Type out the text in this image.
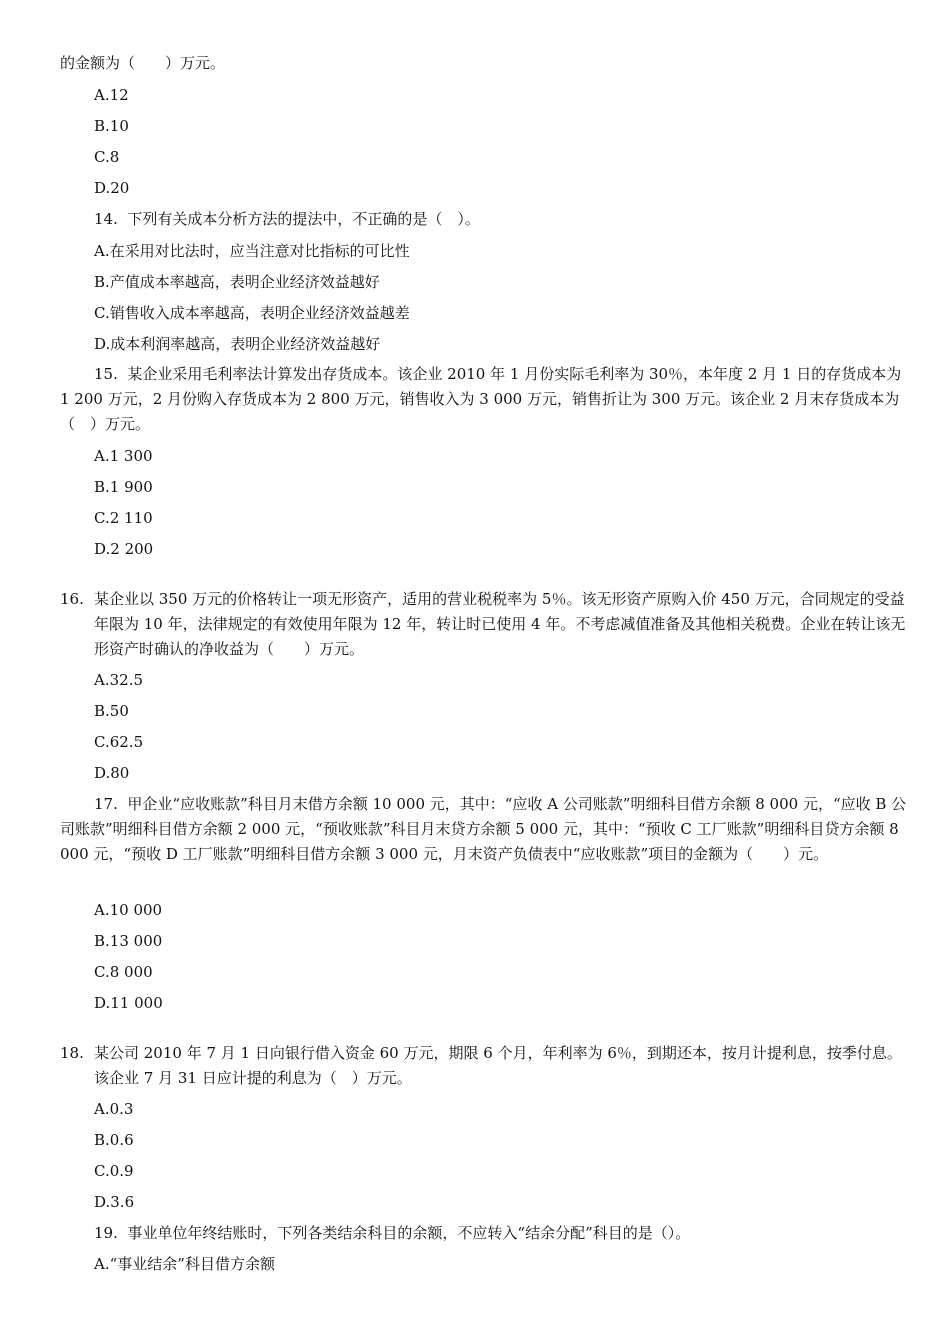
的金额为（　　）万元。
A.12
B.10
C.8
D.20
14. 下列有关成本分析方法的提法中，不正确的是（　）。
A.在采用对比法时，应当注意对比指标的可比性
B.产值成本率越高，表明企业经济效益越好
C.销售收入成本率越高，表明企业经济效益越差
D.成本利润率越高，表明企业经济效益越好
15. 某企业采用毛利率法计算发出存货成本。该企业 2010 年 1 月份实际毛利率为 30％，本年度 2 月 1 日的存货成本为 1 200 万元，2 月份购入存货成本为 2 800 万元，销售收入为 3 000 万元，销售折让为 300 万元。该企业 2 月末存货成本为（　）万元。
A.1 300
B.1 900
C.2 110
D.2 200
16. 某企业以 350 万元的价格转让一项无形资产，适用的营业税税率为 5％。该无形资产原购入价 450 万元，合同规定的受益年限为 10 年，法律规定的有效使用年限为 12 年，转让时已使用 4 年。不考虑减值准备及其他相关税费。企业在转让该无形资产时确认的净收益为（　　）万元。
A.32.5
B.50
C.62.5
D.80
17. 甲企业“应收账款”科目月末借方余额 10 000 元，其中：“应收 A 公司账款”明细科目借方余额 8 000 元，“应收 B 公司账款”明细科目借方余额 2 000 元，“预收账款”科目月末贷方余额 5 000 元，其中：“预收 C 工厂账款”明细科目贷方余额 8 000 元，“预收 D 工厂账款”明细科目借方余额 3 000 元，月末资产负债表中“应收账款”项目的金额为（　　）元。
A.10 000
B.13 000
C.8 000
D.11 000
18. 某公司 2010 年 7 月 1 日向银行借入资金 60 万元，期限 6 个月，年利率为 6％，到期还本，按月计提利息，按季付息。该企业 7 月 31 日应计提的利息为（　）万元。
A.0.3
B.0.6
C.0.9
D.3.6
19. 事业单位年终结账时，下列各类结余科目的余额，不应转入“结余分配”科目的是（）。
A.“事业结余”科目借方余额
